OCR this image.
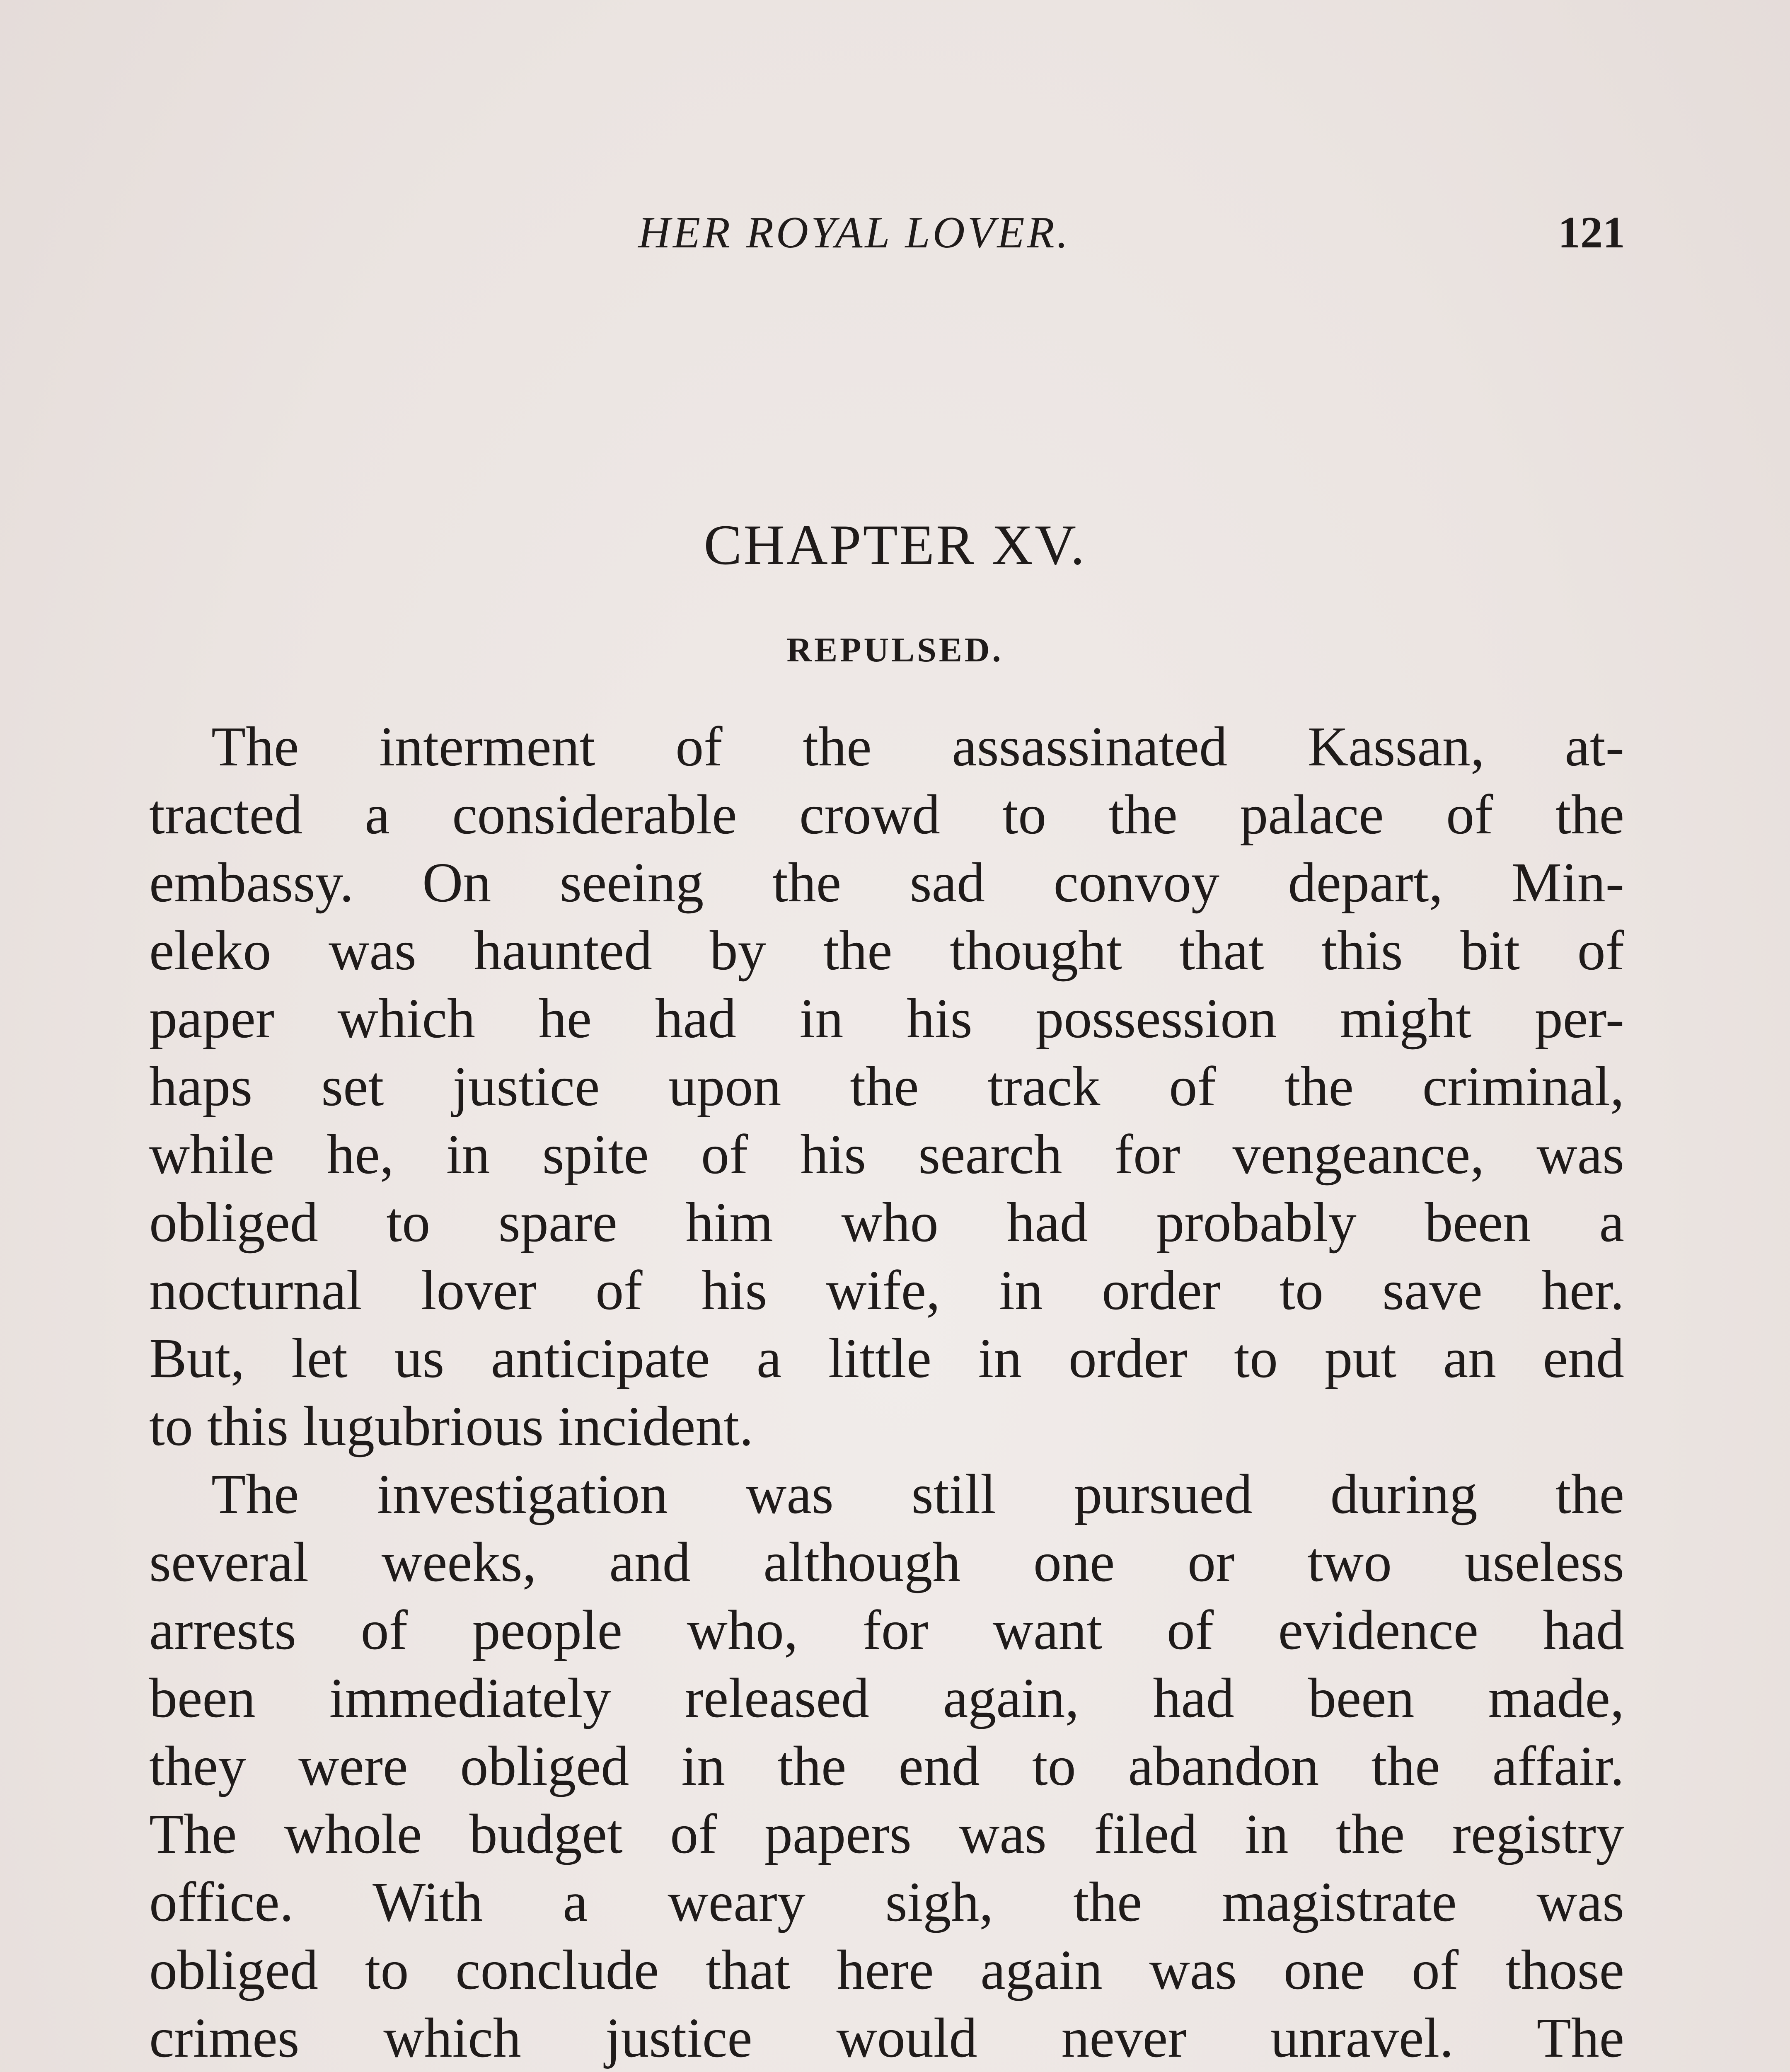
HER ROYAL LOVER.	121
CHAPTER XV.
REPULSED.
The interment of the assassinated Kassan, at-
tracted a considerable crowd to the palace of the
embassy. On seeing the sad convoy depart, Min-
eleko was haunted by the thought that this bit of
paper which he had in his possession might per-
haps set justice upon the track of the criminal,
while he, in spite of his search for vengeance, was
obliged to spare him who had probably been a
nocturnal lover of his wife, in order to save her.
But, let us anticipate a little in order to put an end
to this lugubrious incident.
The investigation was still pursued during the
several weeks, and although one or two useless
arrests of people who, for want of evidence had
been immediately released again, had been made,
they were obliged in the end to abandon the affair.
The whole budget of papers was filed in the registry
office. With a weary sigh, the magistrate was
obliged to conclude that here again was one of those
crimes which justice would never unravel. The
